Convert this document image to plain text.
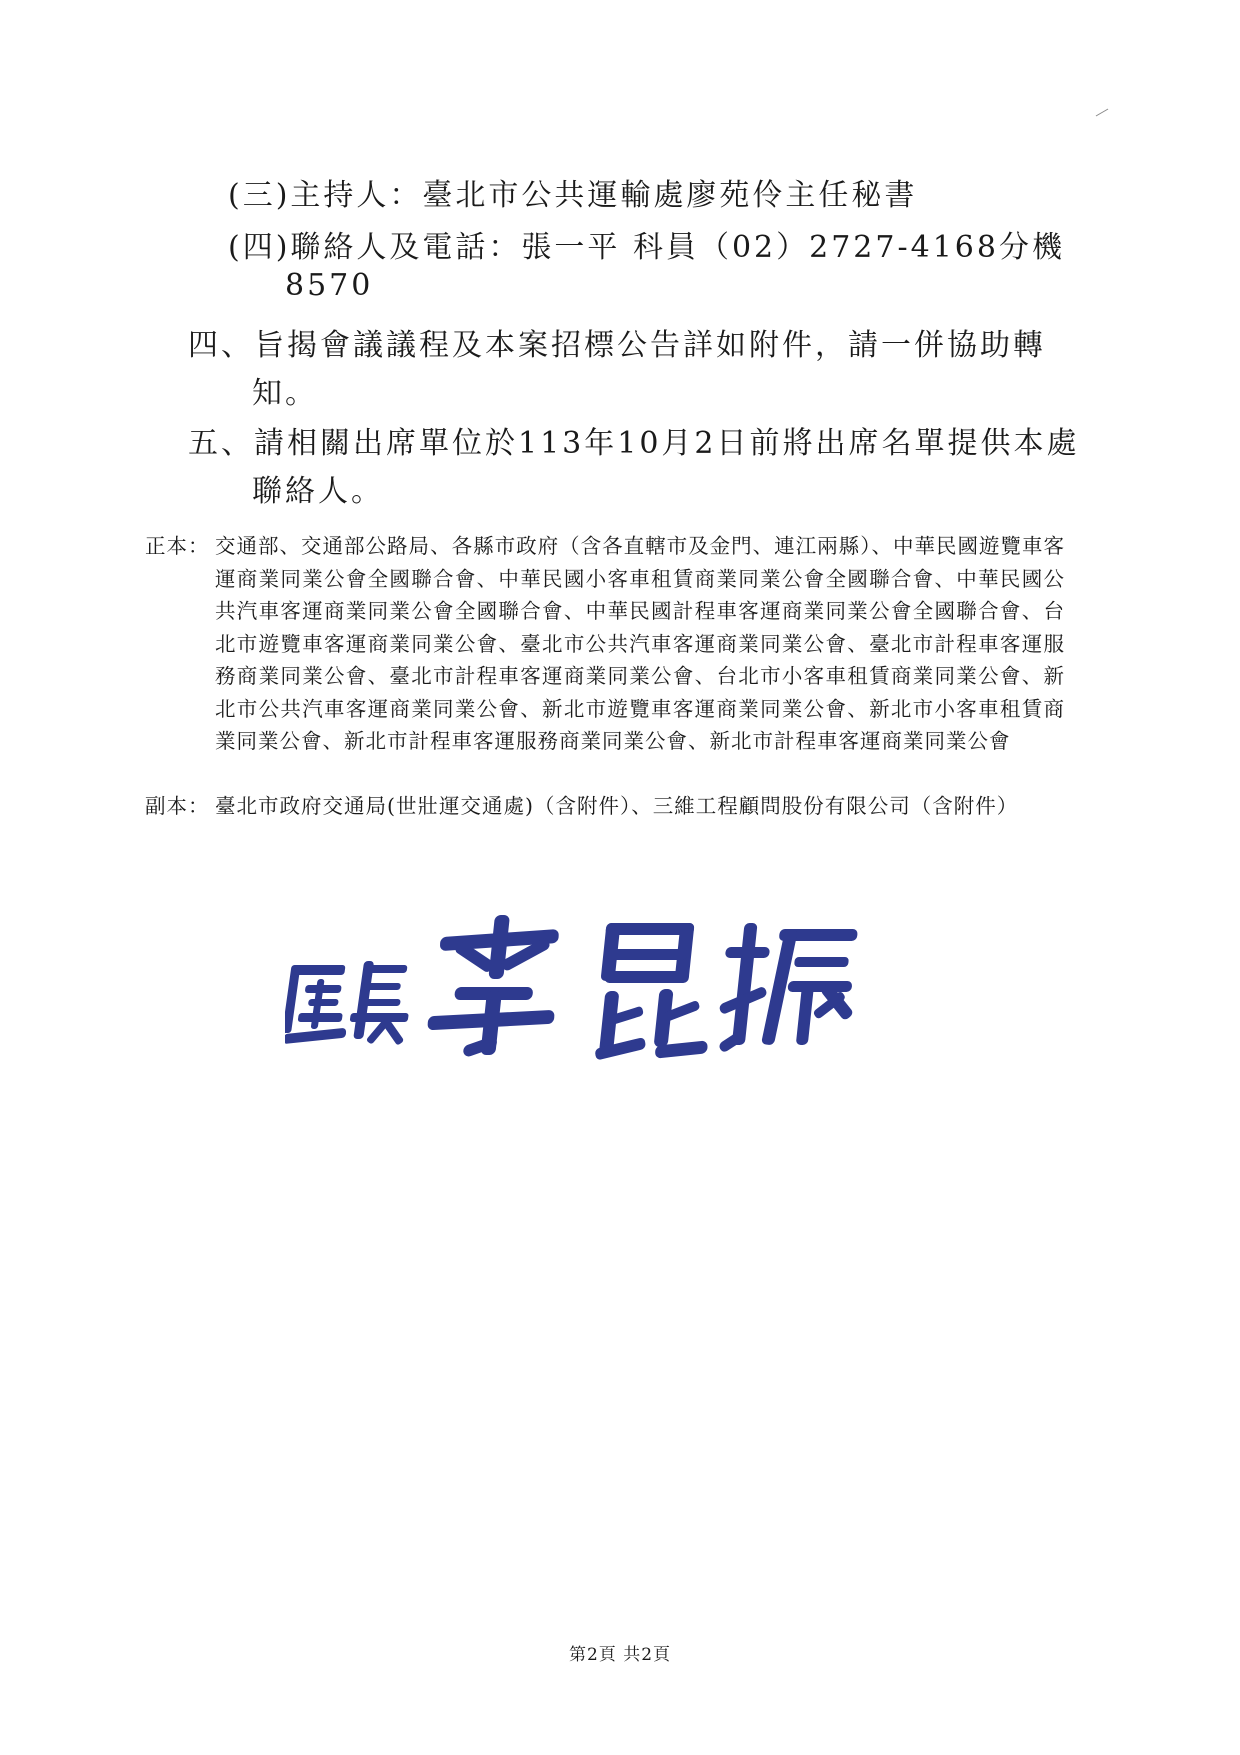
(三)主持人：臺北市公共運輸處廖苑伶主任秘書
(四)聯絡人及電話：張一平 科員（02）2727-4168分機
8570
四、旨揭會議議程及本案招標公告詳如附件，請一併協助轉
知。
五、請相關出席單位於113年10月2日前將出席名單提供本處
聯絡人。
正本： 交通部、交通部公路局、各縣市政府（含各直轄市及金門、連江兩縣）、中華民國遊覽車客運商業同業公會全國聯合會、中華民國小客車租賃商業同業公會全國聯合會、中華民國公共汽車客運商業同業公會全國聯合會、中華民國計程車客運商業同業公會全國聯合會、台北市遊覽車客運商業同業公會、臺北市公共汽車客運商業同業公會、臺北市計程車客運服務商業同業公會、臺北市計程車客運商業同業公會、台北市小客車租賃商業同業公會、新北市公共汽車客運商業同業公會、新北市遊覽車客運商業同業公會、新北市小客車租賃商業同業公會、新北市計程車客運服務商業同業公會、新北市計程車客運商業同業公會
副本： 臺北市政府交通局(世壯運交通處)（含附件）、三維工程顧問股份有限公司（含附件）
第2頁 共2頁
